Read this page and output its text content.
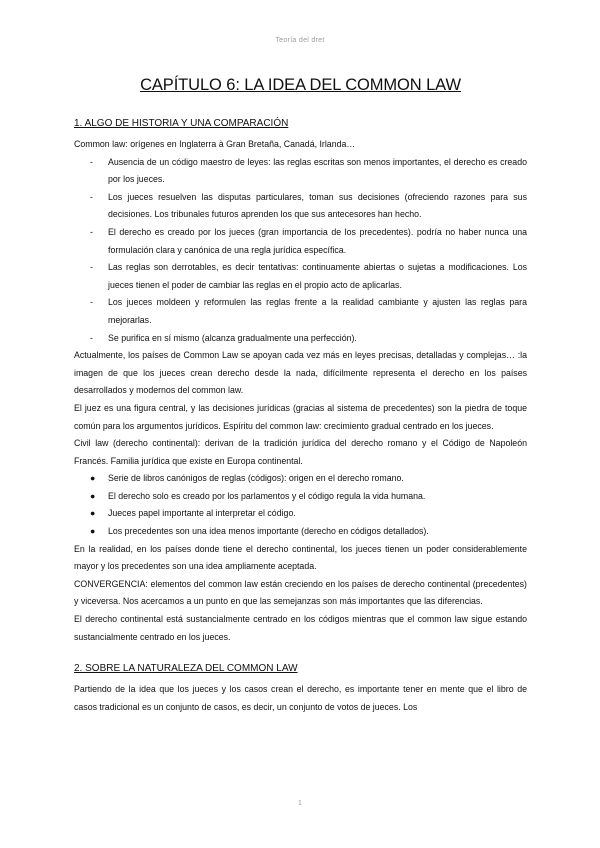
Teoría del dret
CAPÍTULO 6: LA IDEA DEL COMMON LAW
1. ALGO DE HISTORIA Y UNA COMPARACIÓN

Common law: orígenes en Inglaterra à Gran Bretaña, Canadá, Irlanda…

- Ausencia de un código maestro de leyes: las reglas escritas son menos importantes, el derecho es creado por los jueces.
- Los jueces resuelven las disputas particulares, toman sus decisiones (ofreciendo razones para sus decisiones. Los tribunales futuros aprenden los que sus antecesores han hecho.
- El derecho es creado por los jueces (gran importancia de los precedentes). podría no haber nunca una formulación clara y canónica de una regla jurídica específica.
- Las reglas son derrotables, es decir tentativas: continuamente abiertas o sujetas a modificaciones. Los jueces tienen el poder de cambiar las reglas en el propio acto de aplicarlas.
- Los jueces moldeen y reformulen las reglas frente a la realidad cambiante y ajusten las reglas para mejorarlas.
- Se purifica en sí mismo (alcanza gradualmente una perfección).

Actualmente, los países de Common Law se apoyan cada vez más en leyes precisas, detalladas y complejas… :la imagen de que los jueces crean derecho desde la nada, difícilmente representa el derecho en los países desarrollados y modernos del common law.

El juez es una figura central, y las decisiones jurídicas (gracias al sistema de precedentes) son la piedra de toque común para los argumentos jurídicos. Espíritu del common law: crecimiento gradual centrado en los jueces.

Civil law (derecho continental): derivan de la tradición jurídica del derecho romano y el Código de Napoleón Francés. Familia jurídica que existe en Europa continental.

● Serie de libros canónigos de reglas (códigos): origen en el derecho romano.
● El derecho solo es creado por los parlamentos y el código regula la vida humana.
● Jueces papel importante al interpretar el código.
● Los precedentes son una idea menos importante (derecho en códigos detallados).

En la realidad, en los países donde tiene el derecho continental, los jueces tienen un poder considerablemente mayor y los precedentes son una idea ampliamente aceptada.

CONVERGENCIA: elementos del common law están creciendo en los países de derecho continental (precedentes) y viceversa. Nos acercamos a un punto en que las semejanzas son más importantes que las diferencias.

El derecho continental está sustancialmente centrado en los códigos mientras que el common law sigue estando sustancialmente centrado en los jueces.

2. SOBRE LA NATURALEZA DEL COMMON LAW

Partiendo de la idea que los jueces y los casos crean el derecho, es importante tener en mente que el libro de casos tradicional es un conjunto de casos, es decir, un conjunto de votos de jueces. Los

1
